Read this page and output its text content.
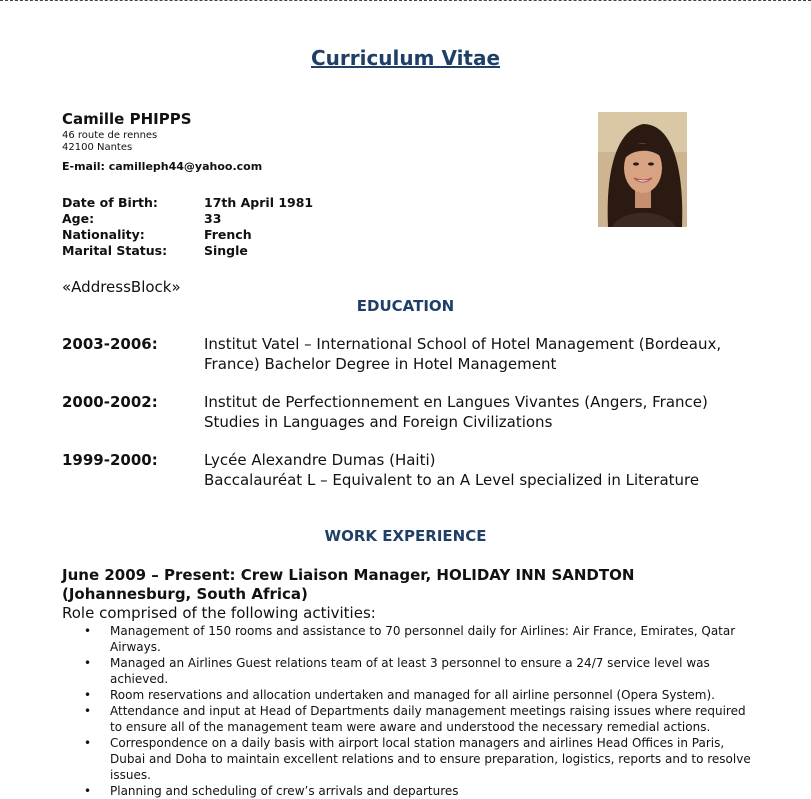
Curriculum Vitae
Camille PHIPPS
46 route de rennes
42100 Nantes
E-mail: camilleph44@yahoo.com
Date of Birth:	17th April 1981
Age:	33
Nationality:	French
Marital Status:	Single
«AddressBlock»
EDUCATION
2003-2006:	Institut Vatel – International School of Hotel Management (Bordeaux,
France) Bachelor Degree in Hotel Management
2000-2002:	Institut de Perfectionnement en Langues Vivantes (Angers, France)
Studies in Languages and Foreign Civilizations
1999-2000:	Lycée Alexandre Dumas (Haiti)
Baccalauréat L – Equivalent to an A Level specialized in Literature
WORK EXPERIENCE
June 2009 – Present: Crew Liaison Manager, HOLIDAY INN SANDTON
(Johannesburg, South Africa)
Role comprised of the following activities:
• Management of 150 rooms and assistance to 70 personnel daily for Airlines: Air France, Emirates, Qatar Airways.
• Managed an Airlines Guest relations team of at least 3 personnel to ensure a 24/7 service level was achieved.
• Room reservations and allocation undertaken and managed for all airline personnel (Opera System).
• Attendance and input at Head of Departments daily management meetings raising issues where required to ensure all of the management team were aware and understood the necessary remedial actions.
• Correspondence on a daily basis with airport local station managers and airlines Head Offices in Paris, Dubai and Doha to maintain excellent relations and to ensure preparation, logistics, reports and to resolve issues.
• Planning and scheduling of crew’s arrivals and departures
